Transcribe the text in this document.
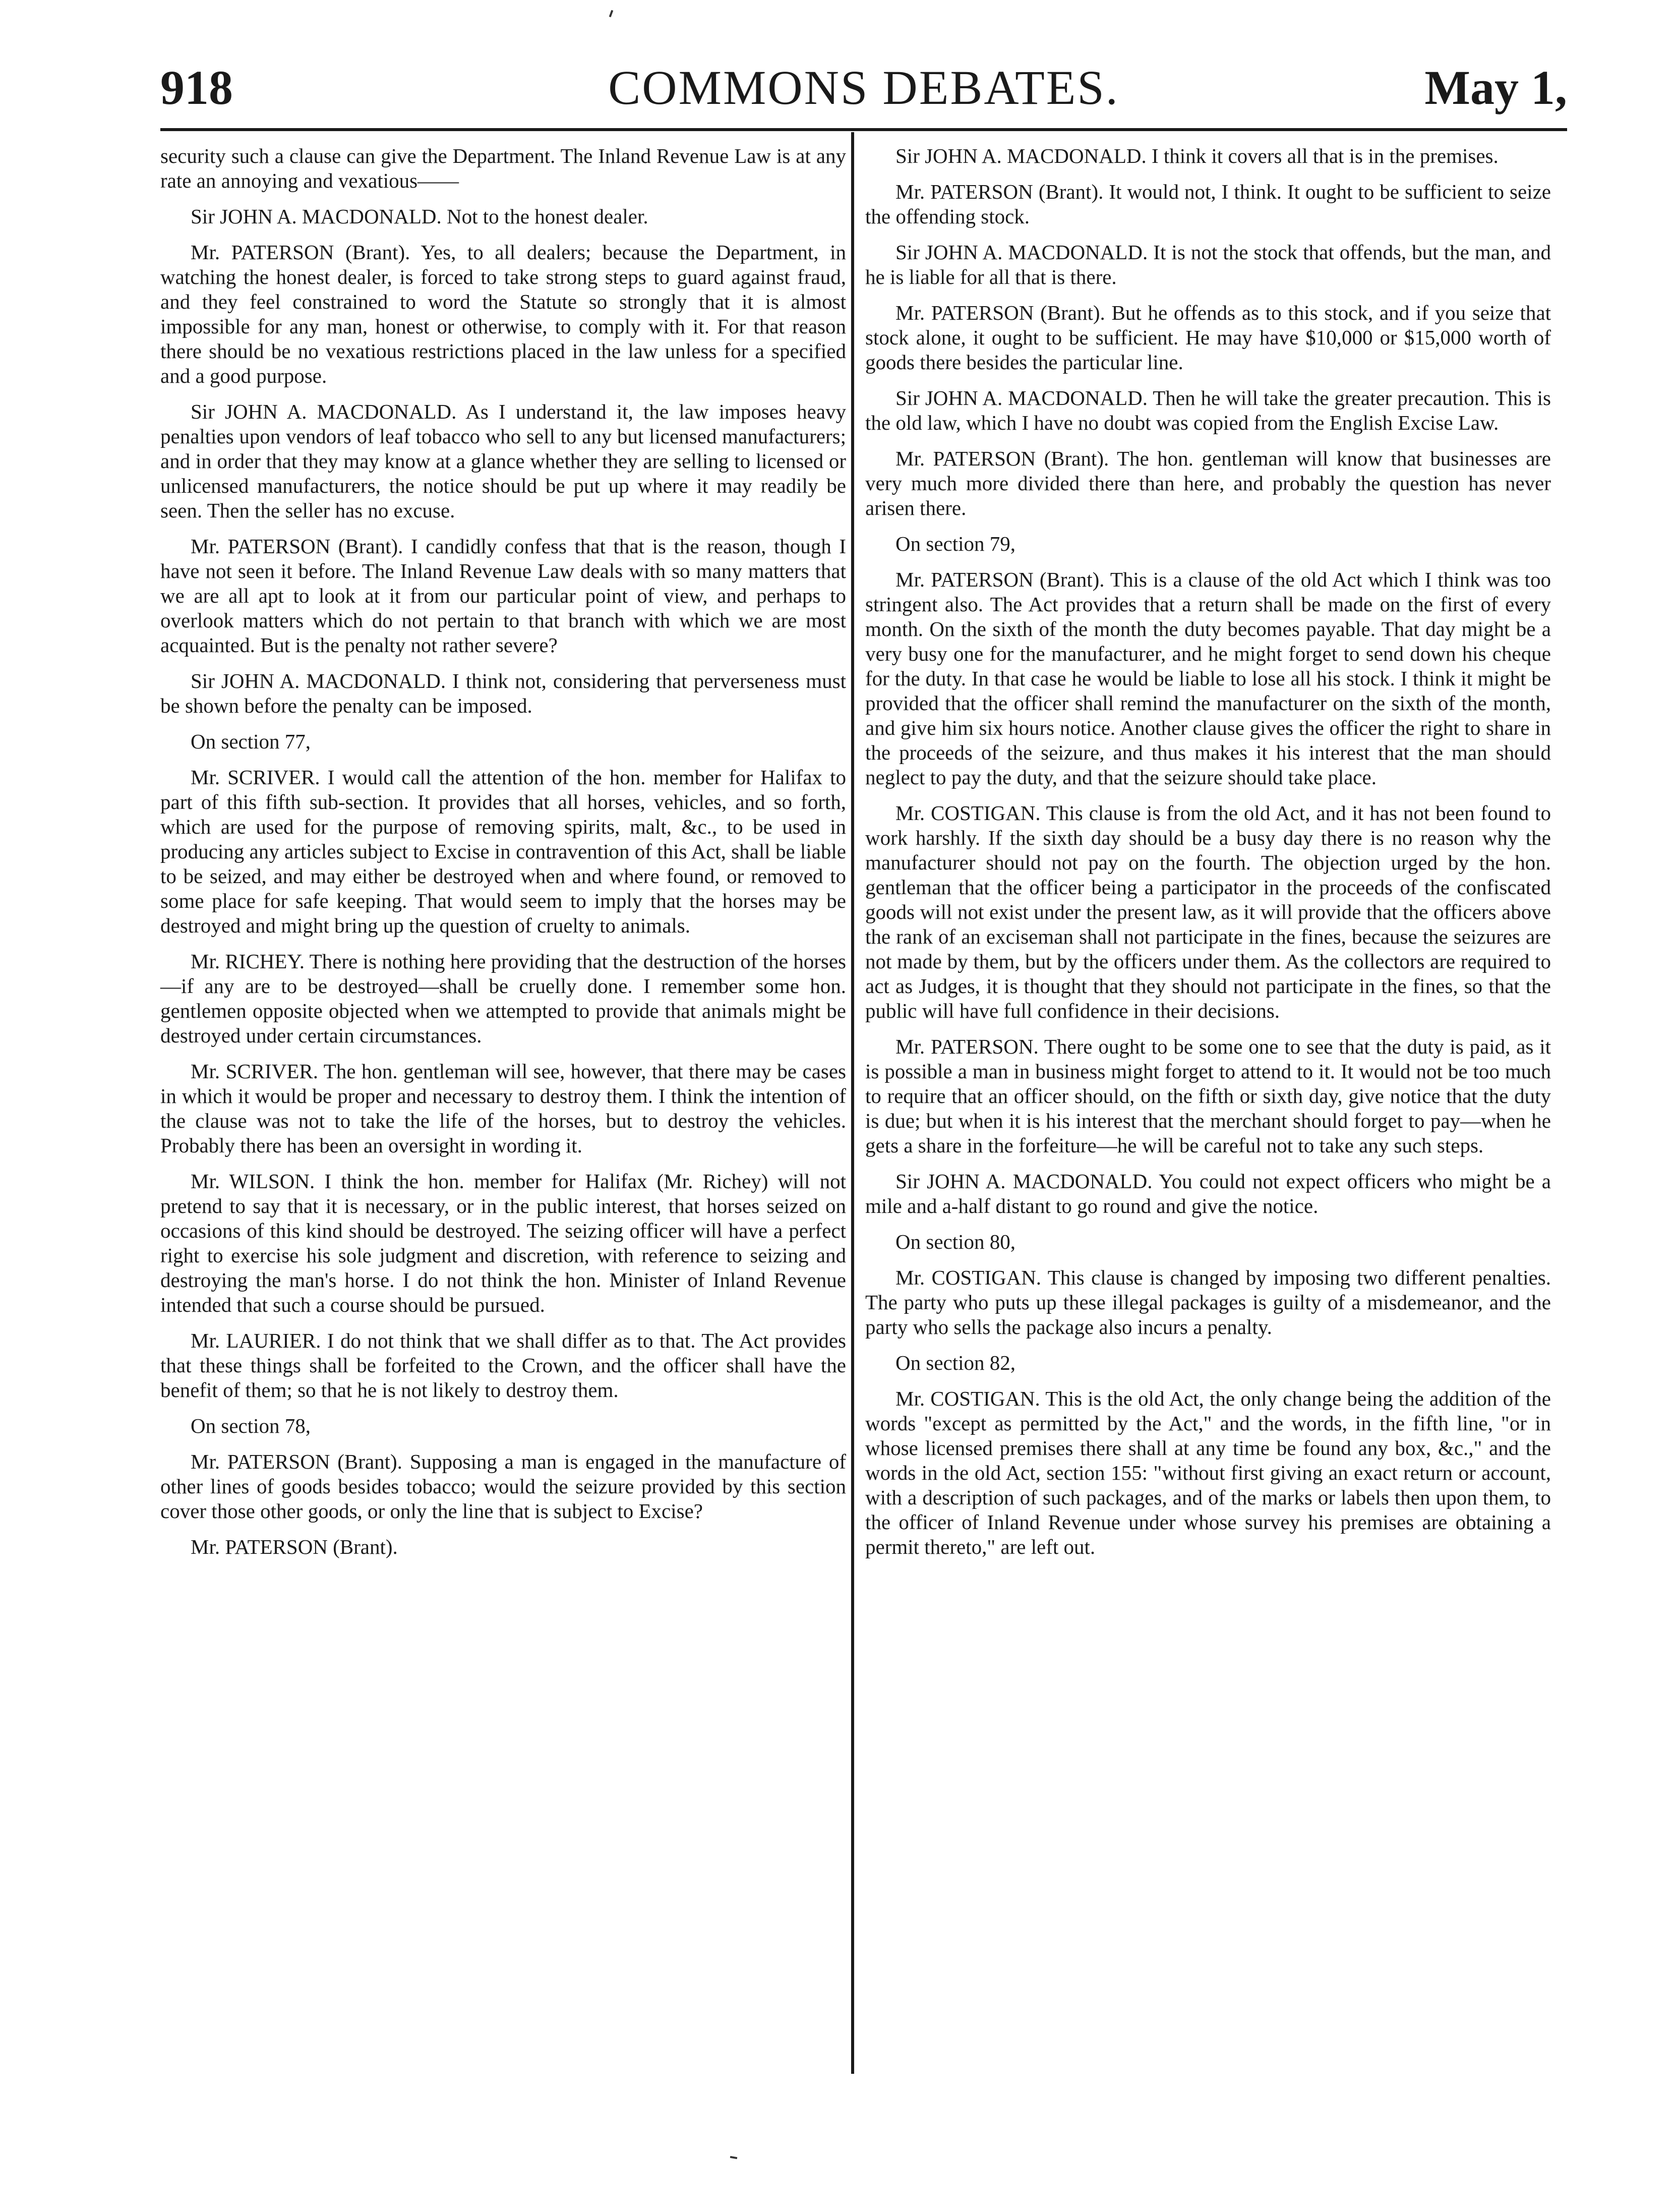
918	COMMONS DEBATES.	May 1,

security such a clause can give the Department. The Inland Revenue Law is at any rate an annoying and vexatious——

Sir JOHN A. MACDONALD. Not to the honest dealer.

Mr. PATERSON (Brant). Yes, to all dealers; because the Department, in watching the honest dealer, is forced to take strong steps to guard against fraud, and they feel constrained to word the Statute so strongly that it is almost impossible for any man, honest or otherwise, to comply with it. For that reason there should be no vexatious restrictions placed in the law unless for a specified and a good purpose.

Sir JOHN A. MACDONALD. As I understand it, the law imposes heavy penalties upon vendors of leaf tobacco who sell to any but licensed manufacturers; and in order that they may know at a glance whether they are selling to licensed or unlicensed manufacturers, the notice should be put up where it may readily be seen. Then the seller has no excuse.

Mr. PATERSON (Brant). I candidly confess that that is the reason, though I have not seen it before. The Inland Revenue Law deals with so many matters that we are all apt to look at it from our particular point of view, and perhaps to overlook matters which do not pertain to that branch with which we are most acquainted. But is the penalty not rather severe?

Sir JOHN A. MACDONALD. I think not, considering that perverseness must be shown before the penalty can be imposed.

On section 77,

Mr. SCRIVER. I would call the attention of the hon. member for Halifax to part of this fifth sub-section. It provides that all horses, vehicles, and so forth, which are used for the purpose of removing spirits, malt, &c., to be used in producing any articles subject to Excise in contravention of this Act, shall be liable to be seized, and may either be destroyed when and where found, or removed to some place for safe keeping. That would seem to imply that the horses may be destroyed and might bring up the question of cruelty to animals.

Mr. RICHEY. There is nothing here providing that the destruction of the horses—if any are to be destroyed—shall be cruelly done. I remember some hon. gentlemen opposite objected when we attempted to provide that animals might be destroyed under certain circumstances.

Mr. SCRIVER. The hon. gentleman will see, however, that there may be cases in which it would be proper and necessary to destroy them. I think the intention of the clause was not to take the life of the horses, but to destroy the vehicles. Probably there has been an oversight in wording it.

Mr. WILSON. I think the hon. member for Halifax (Mr. Richey) will not pretend to say that it is necessary, or in the public interest, that horses seized on occasions of this kind should be destroyed. The seizing officer will have a perfect right to exercise his sole judgment and discretion, with reference to seizing and destroying the man's horse. I do not think the hon. Minister of Inland Revenue intended that such a course should be pursued.

Mr. LAURIER. I do not think that we shall differ as to that. The Act provides that these things shall be forfeited to the Crown, and the officer shall have the benefit of them; so that he is not likely to destroy them.

On section 78,

Mr. PATERSON (Brant). Supposing a man is engaged in the manufacture of other lines of goods besides tobacco; would the seizure provided by this section cover those other goods, or only the line that is subject to Excise?

Mr. PATERSON (Brant).

Sir JOHN A. MACDONALD. I think it covers all that is in the premises.

Mr. PATERSON (Brant). It would not, I think. It ought to be sufficient to seize the offending stock.

Sir JOHN A. MACDONALD. It is not the stock that offends, but the man, and he is liable for all that is there.

Mr. PATERSON (Brant). But he offends as to this stock, and if you seize that stock alone, it ought to be sufficient. He may have $10,000 or $15,000 worth of goods there besides the particular line.

Sir JOHN A. MACDONALD. Then he will take the greater precaution. This is the old law, which I have no doubt was copied from the English Excise Law.

Mr. PATERSON (Brant). The hon. gentleman will know that businesses are very much more divided there than here, and probably the question has never arisen there.

On section 79,

Mr. PATERSON (Brant). This is a clause of the old Act which I think was too stringent also. The Act provides that a return shall be made on the first of every month. On the sixth of the month the duty becomes payable. That day might be a very busy one for the manufacturer, and he might forget to send down his cheque for the duty. In that case he would be liable to lose all his stock. I think it might be provided that the officer shall remind the manufacturer on the sixth of the month, and give him six hours notice. Another clause gives the officer the right to share in the proceeds of the seizure, and thus makes it his interest that the man should neglect to pay the duty, and that the seizure should take place.

Mr. COSTIGAN. This clause is from the old Act, and it has not been found to work harshly. If the sixth day should be a busy day there is no reason why the manufacturer should not pay on the fourth. The objection urged by the hon. gentleman that the officer being a participator in the proceeds of the confiscated goods will not exist under the present law, as it will provide that the officers above the rank of an exciseman shall not participate in the fines, because the seizures are not made by them, but by the officers under them. As the collectors are required to act as Judges, it is thought that they should not participate in the fines, so that the public will have full confidence in their decisions.

Mr. PATERSON. There ought to be some one to see that the duty is paid, as it is possible a man in business might forget to attend to it. It would not be too much to require that an officer should, on the fifth or sixth day, give notice that the duty is due; but when it is his interest that the merchant should forget to pay—when he gets a share in the forfeiture—he will be careful not to take any such steps.

Sir JOHN A. MACDONALD. You could not expect officers who might be a mile and a-half distant to go round and give the notice.

On section 80,

Mr. COSTIGAN. This clause is changed by imposing two different penalties. The party who puts up these illegal packages is guilty of a misdemeanor, and the party who sells the package also incurs a penalty.

On section 82,

Mr. COSTIGAN. This is the old Act, the only change being the addition of the words "except as permitted by the Act," and the words, in the fifth line, "or in whose licensed premises there shall at any time be found any box, &c.," and the words in the old Act, section 155: "without first giving an exact return or account, with a description of such packages, and of the marks or labels then upon them, to the officer of Inland Revenue under whose survey his premises are obtaining a permit thereto," are left out.
